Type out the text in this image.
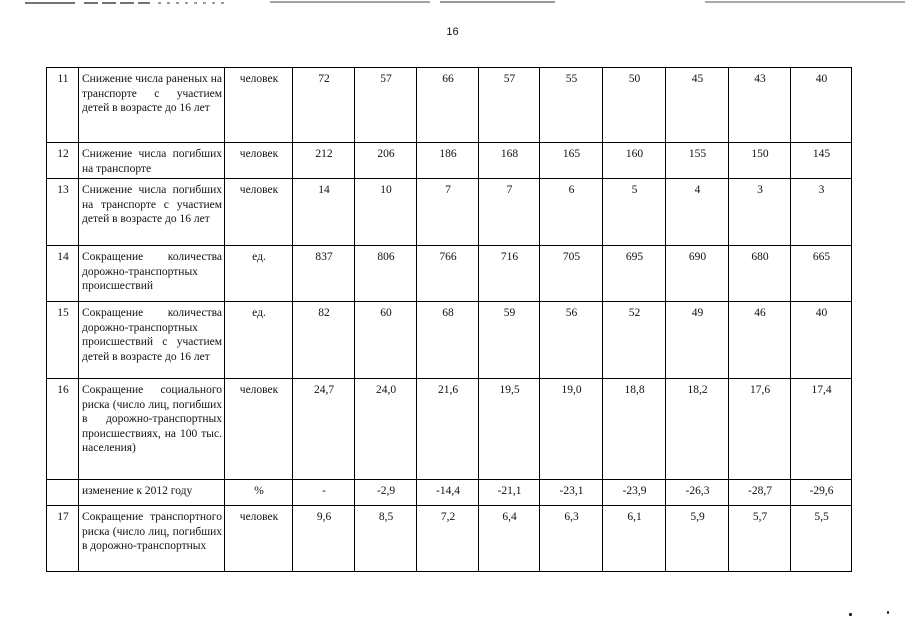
16
11	Снижение числа раненых на транспорте с участием детей в возрасте до 16 лет	человек	72	57	66	57	55	50	45	43	40
12	Снижение числа погибших на транспорте	человек	212	206	186	168	165	160	155	150	145
13	Снижение числа погибших на транспорте с участием детей в возрасте до 16 лет	человек	14	10	7	7	6	5	4	3	3
14	Сокращение количества дорожно-транспортных происшествий	ед.	837	806	766	716	705	695	690	680	665
15	Сокращение количества дорожно-транспортных происшествий с участием детей в возрасте до 16 лет	ед.	82	60	68	59	56	52	49	46	40
16	Сокращение социального риска (число лиц, погибших в дорожно-транспортных происшествиях, на 100 тыс. населения)	человек	24,7	24,0	21,6	19,5	19,0	18,8	18,2	17,6	17,4
	изменение к 2012 году	%	-	-2,9	-14,4	-21,1	-23,1	-23,9	-26,3	-28,7	-29,6
17	Сокращение транспортного риска (число лиц, погибших в дорожно-транспортных	человек	9,6	8,5	7,2	6,4	6,3	6,1	5,9	5,7	5,5
